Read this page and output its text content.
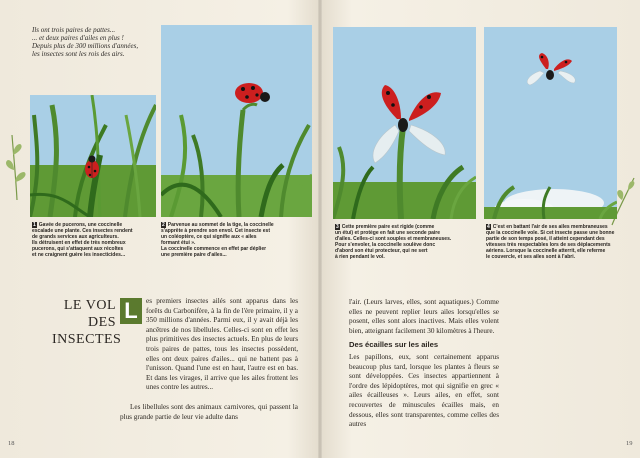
Ils ont trois paires de pattes...
... et deux paires d'ailes en plus !
Depuis plus de 300 millions d'années,
les insectes sont les rois des airs.
1 Gavée de pucerons, une coccinelle
escalade une plante. Ces insectes rendent
de grands services aux agriculteurs.
Ils détruisent en effet de très nombreux
pucerons, qui s'attaquent aux récoltes
et ne craignent guère les insecticides...
2 Parvenue au sommet de la tige, la coccinelle
s'apprête à prendre son envol. Cet insecte est
un coléoptère, ce qui signifie aux « ailes
formant étui ».
La coccinelle commence en effet par déplier
une première paire d'ailes...
3 Cette première paire est rigide (comme
un étui) et protège en fait une seconde paire
d'ailes. Celles-ci sont souples et membraneuses.
Pour s'envoler, la coccinelle soulève donc
d'abord son étui protecteur, qui ne sert
à rien pendant le vol.
4 C'est en battant l'air de ses ailes membraneuses
que la coccinelle vole. Si cet insecte passe une bonne
partie de son temps posé, il atteint cependant des
vitesses très respectables lors de ses déplacements
aériens. Lorsque la coccinelle atterrit, elle referme
le couvercle, et ses ailes sont à l'abri.
LE VOL
DES
INSECTES
L	es premiers insectes ailés sont apparus dans les forêts du Carbonifère, à la fin de l'ère primaire, il y a 350 millions d'années. Parmi eux, il y avait déjà les ancêtres de nos libellules. Celles-ci sont en effet les plus primitives des insectes actuels. En plus de leurs trois paires de pattes, tous les insectes possèdent, elles ont deux paires d'ailes... qui ne battent pas à l'unisson. Quand l'une est en haut, l'autre est en bas. Et dans les virages, il arrive que les ailes frottent les unes contre les autres...

Les libellules sont des animaux carnivores, qui passent la plus grande partie de leur vie adulte dans

l'air. (Leurs larves, elles, sont aquatiques.) Comme elles ne peuvent replier leurs ailes lorsqu'elles se posent, elles sont alors inactives. Mais elles volent bien, atteignant facilement 30 kilomètres à l'heure.

Des écailles sur les ailes

Les papillons, eux, sont certainement apparus beaucoup plus tard, lorsque les plantes à fleurs se sont développées. Ces insectes appartiennent à l'ordre des lépidoptères, mot qui signifie en grec « ailes écailleuses ». Leurs ailes, en effet, sont recouvertes de minuscules écailles mais, en dessous, elles sont transparentes, comme celles des autres

18	19
